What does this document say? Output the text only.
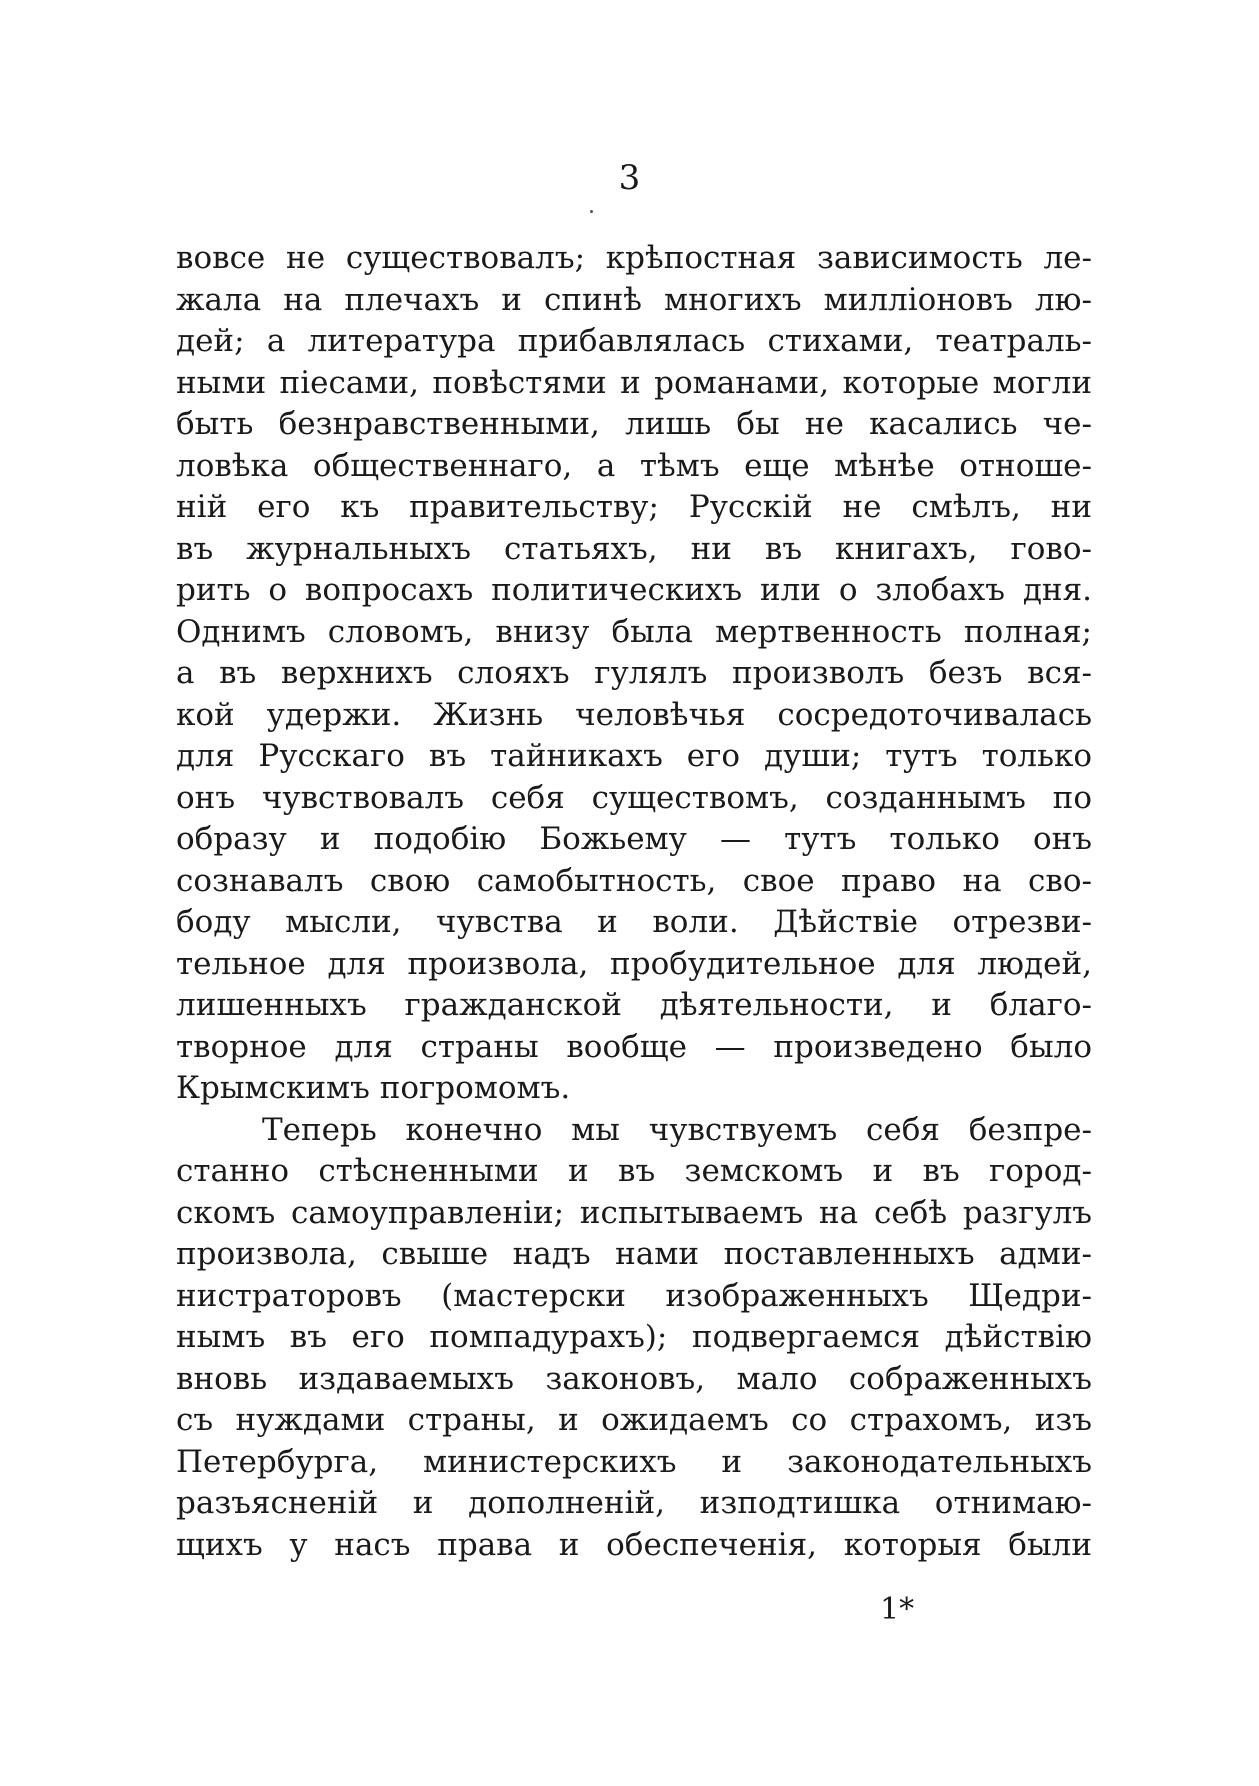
3
вовсе не существовалъ; крѣпостная зависимость ле-
жала на плечахъ и спинѣ многихъ милліоновъ лю-
дей; а литература прибавлялась стихами, театраль-
ными піесами, повѣстями и романами, которые могли
быть безнравственными, лишь бы не касались че-
ловѣка общественнаго, а тѣмъ еще мѣнѣе отноше-
ній его къ правительству; Русскій не смѣлъ, ни
въ журнальныхъ статьяхъ, ни въ книгахъ, гово-
рить о вопросахъ политическихъ или о злобахъ дня.
Однимъ словомъ, внизу была мертвенность полная;
а въ верхнихъ слояхъ гулялъ произволъ безъ вся-
кой удержи. Жизнь человѣчья сосредоточивалась
для Русскаго въ тайникахъ его души; тутъ только
онъ чувствовалъ себя существомъ, созданнымъ по
образу и подобію Божьему — тутъ только онъ
сознавалъ свою самобытность, свое право на сво-
боду мысли, чувства и воли. Дѣйствіе отрезви-
тельное для произвола, пробудительное для людей,
лишенныхъ гражданской дѣятельности, и благо-
творное для страны вообще — произведено было
Крымскимъ погромомъ.
Теперь конечно мы чувствуемъ себя безпре-
станно стѣсненными и въ земскомъ и въ город-
скомъ самоуправленіи; испытываемъ на себѣ разгулъ
произвола, свыше надъ нами поставленныхъ адми-
нистраторовъ (мастерски изображенныхъ Щедри-
нымъ въ его помпадурахъ); подвергаемся дѣйствію
вновь издаваемыхъ законовъ, мало сображенныхъ
съ нуждами страны, и ожидаемъ со страхомъ, изъ
Петербурга, министерскихъ и законодательныхъ
разъясненій и дополненій, изподтишка отнимаю-
щихъ у насъ права и обеспеченія, которыя были
1*
